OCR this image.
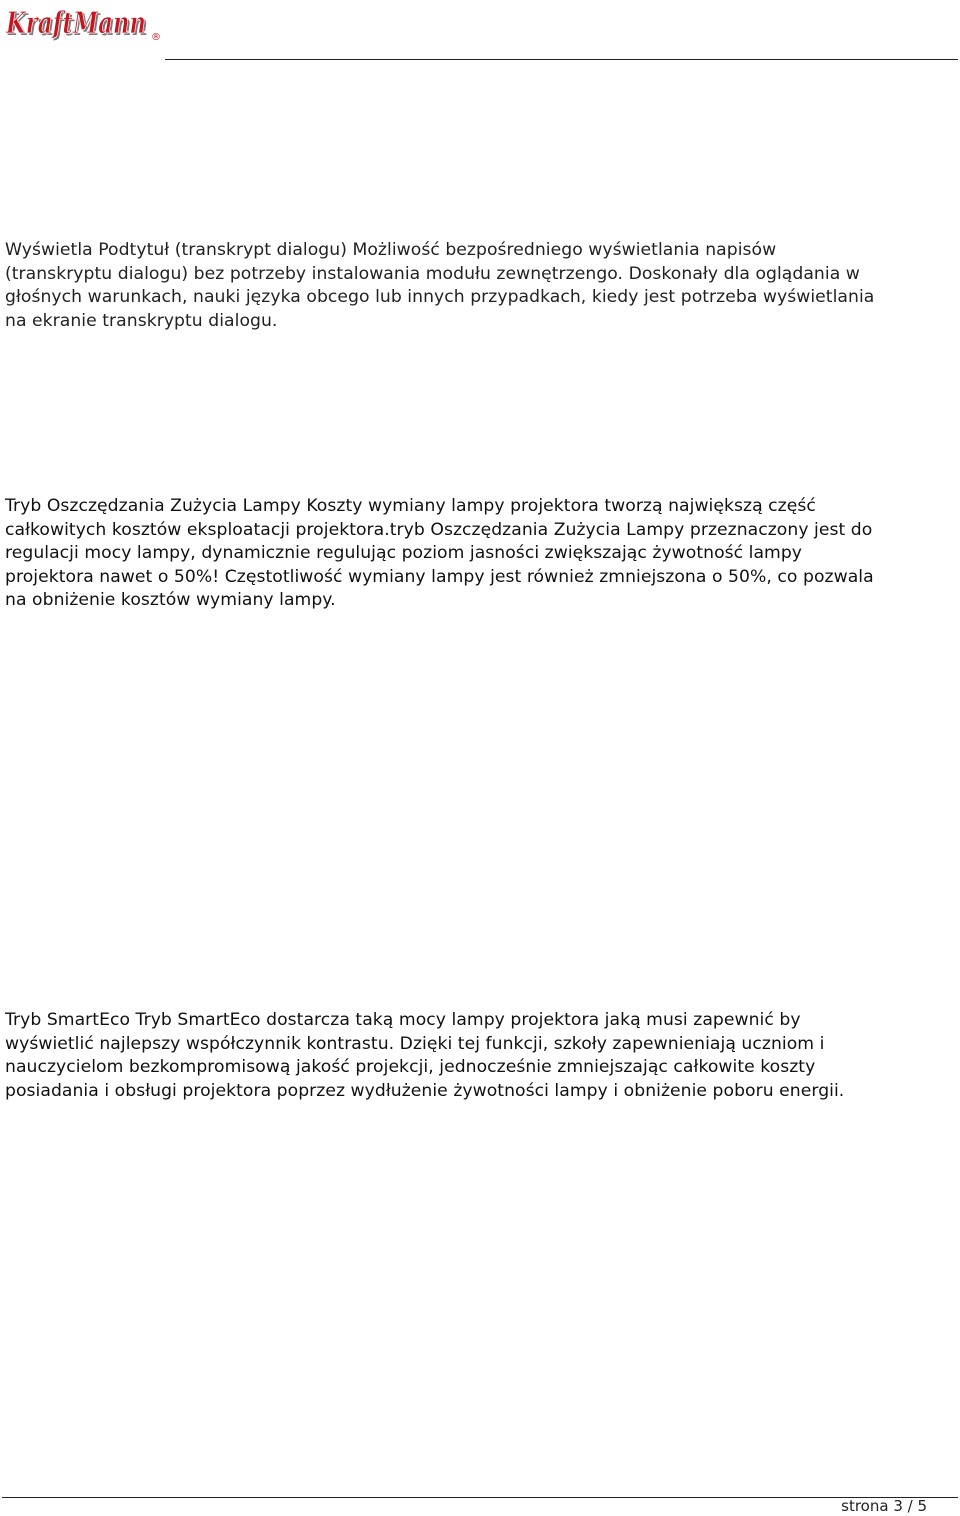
KraftMann
KraftMann ®

Wyświetla Podtytuł (transkrypt dialogu) Możliwość bezpośredniego wyświetlania napisów
(transkryptu dialogu) bez potrzeby instalowania modułu zewnętrzengo. Doskonały dla oglądania w
głośnych warunkach, nauki języka obcego lub innych przypadkach, kiedy jest potrzeba wyświetlania
na ekranie transkryptu dialogu.

Tryb Oszczędzania Zużycia Lampy Koszty wymiany lampy projektora tworzą największą część
całkowitych kosztów eksploatacji projektora.tryb Oszczędzania Zużycia Lampy przeznaczony jest do
regulacji mocy lampy, dynamicznie regulując poziom jasności zwiększając żywotność lampy
projektora nawet o 50%! Częstotliwość wymiany lampy jest również zmniejszona o 50%, co pozwala
na obniżenie kosztów wymiany lampy.

Tryb SmartEco Tryb SmartEco dostarcza taką mocy lampy projektora jaką musi zapewnić by
wyświetlić najlepszy współczynnik kontrastu. Dzięki tej funkcji, szkoły zapewnieniają uczniom i
nauczycielom bezkompromisową jakość projekcji, jednocześnie zmniejszając całkowite koszty
posiadania i obsługi projektora poprzez wydłużenie żywotności lampy i obniżenie poboru energii.

strona 3 / 5
